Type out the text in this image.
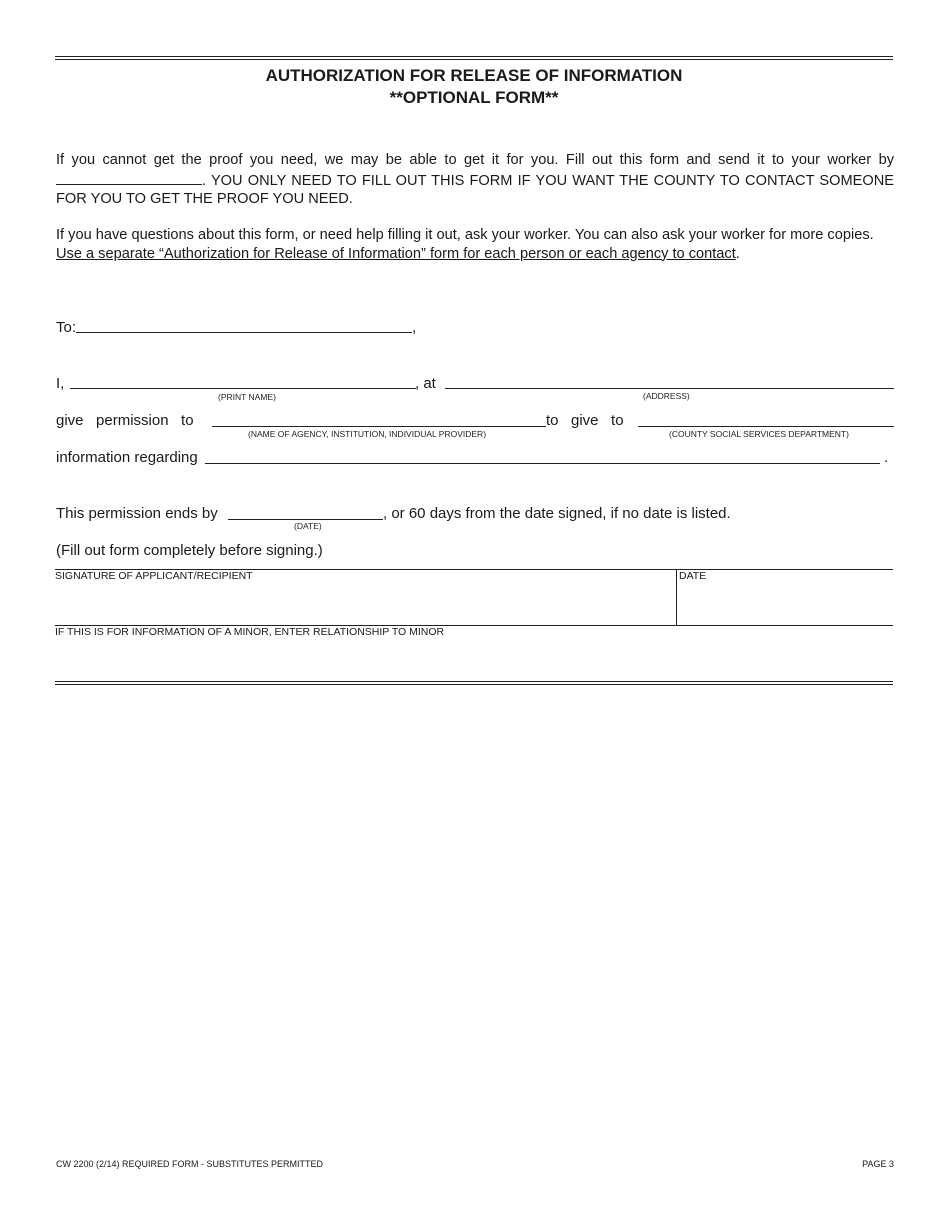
AUTHORIZATION FOR RELEASE OF INFORMATION
**OPTIONAL FORM**
If you cannot get the proof you need, we may be able to get it for you. Fill out this form and send it to your worker by . YOU ONLY NEED TO FILL OUT THIS FORM IF YOU WANT THE COUNTY TO CONTACT SOMEONE FOR YOU TO GET THE PROOF YOU NEED.
If you have questions about this form, or need help filling it out, ask your worker. You can also ask your worker for more copies.
Use a separate “Authorization for Release of Information” form for each person or each agency to contact.
To:	,
I,	, at
(PRINT NAME)	(ADDRESS)
give   permission   to	to   give   to
(NAME OF AGENCY, INSTITUTION, INDIVIDUAL PROVIDER)	(COUNTY SOCIAL SERVICES DEPARTMENT)
information regarding	.
This permission ends by	, or 60 days from the date signed, if no date is listed.
(DATE)
(Fill out form completely before signing.)
SIGNATURE OF APPLICANT/RECIPIENT	DATE
IF THIS IS FOR INFORMATION OF A MINOR, ENTER RELATIONSHIP TO MINOR
CW 2200 (2/14) REQUIRED FORM - SUBSTITUTES PERMITTED	PAGE 3
